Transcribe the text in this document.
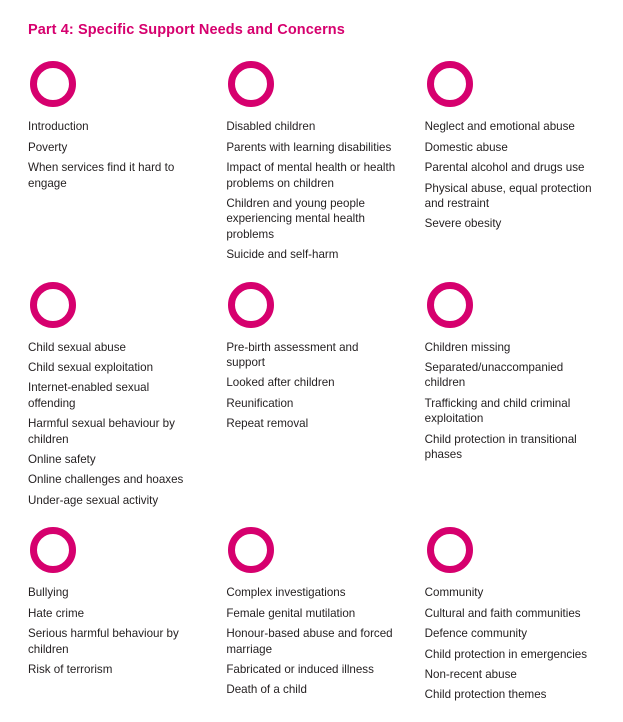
Part 4: Specific Support Needs and Concerns
Introduction
Poverty
When services find it hard to engage
Disabled children
Parents with learning disabilities
Impact of mental health or health problems on children
Children and young people experiencing mental health problems
Suicide and self-harm
Neglect and emotional abuse
Domestic abuse
Parental alcohol and drugs use
Physical abuse, equal protection and restraint
Severe obesity
Child sexual abuse
Child sexual exploitation
Internet-enabled sexual offending
Harmful sexual behaviour by children
Online safety
Online challenges and hoaxes
Under-age sexual activity
Pre-birth assessment and support
Looked after children
Reunification
Repeat removal
Children missing
Separated/unaccompanied children
Trafficking and child criminal exploitation
Child protection in transitional phases
Bullying
Hate crime
Serious harmful behaviour by children
Risk of terrorism
Complex investigations
Female genital mutilation
Honour-based abuse and forced marriage
Fabricated or induced illness
Death of a child
Community
Cultural and faith communities
Defence community
Child protection in emergencies
Non-recent abuse
Child protection themes
